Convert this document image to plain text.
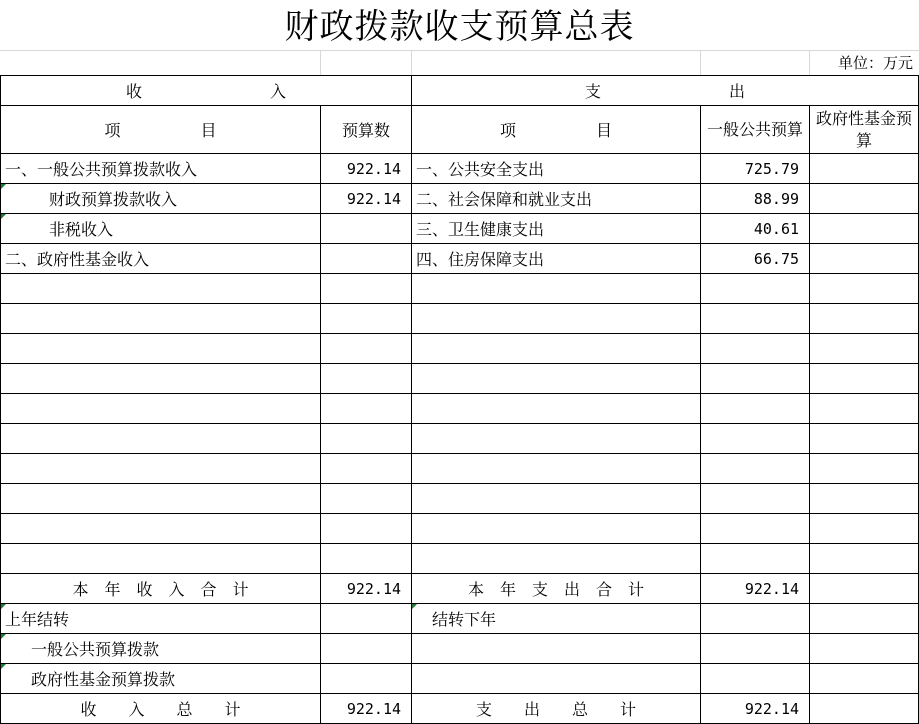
财政拨款收支预算总表
单位：万元
收　　　　　　　　入		支　　　　　　　　出		
项　　　　　目	预算数	项　　　　　目	一般公共预算	政府性基金预算
一、一般公共预算拨款收入	922.14	一、公共安全支出	725.79	
财政预算拨款收入	922.14	二、社会保障和就业支出	88.99	
非税收入		三、卫生健康支出	40.61	
二、政府性基金收入		四、住房保障支出	66.75	

本　年　收　入　合　计	922.14	本　年　支　出　合　计	922.14	
上年结转		结转下年		
一般公共预算拨款				
政府性基金预算拨款				
收　　入　　总　　计	922.14	支　　出　　总　　计	922.14	
